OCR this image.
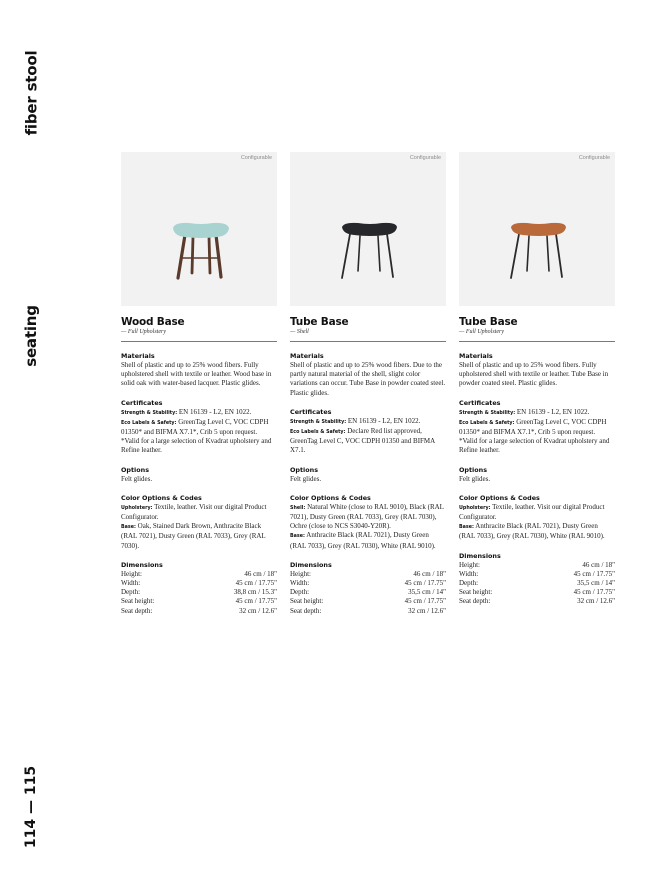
fiber stool
seating
114 — 115
Configurable
Wood Base
— Full Upholstery
Materials
Shell of plastic and up to 25% wood fibers. Fully upholstered shell with textile or leather. Wood base in solid oak with water-based lacquer. Plastic glides.
Certificates
Strength & Stability: EN 16139 - L2, EN 1022.
Eco Labels & Safety: GreenTag Level C, VOC CDPH 01350* and BIFMA X7.1*, Crib 5 upon request. *Valid for a large selection of Kvadrat upholstery and Refine leather.
Options
Felt glides.
Color Options & Codes
Upholstery: Textile, leather. Visit our digital Product Configurator.
Base: Oak, Stained Dark Brown, Anthracite Black (RAL 7021), Dusty Green (RAL 7033), Grey (RAL 7030).
Dimensions
Height:	46 cm / 18"
Width:	45 cm / 17.75"
Depth:	38,8 cm / 15.3"
Seat height:	45 cm / 17.75"
Seat depth:	32 cm / 12.6"
Configurable
Tube Base
— Shell
Materials
Shell of plastic and up to 25% wood fibers. Due to the partly natural material of the shell, slight color variations can occur. Tube Base in powder coated steel. Plastic glides.
Certificates
Strength & Stability: EN 16139 - L2, EN 1022.
Eco Labels & Safety: Declare Red list approved, GreenTag Level C, VOC CDPH 01350 and BIFMA X7.1.
Options
Felt glides.
Color Options & Codes
Shell: Natural White (close to RAL 9010), Black (RAL 7021), Dusty Green (RAL 7033), Grey (RAL 7030), Ochre (close to NCS S3040-Y20R).
Base: Anthracite Black (RAL 7021), Dusty Green (RAL 7033), Grey (RAL 7030), White (RAL 9010).
Dimensions
Height:	46 cm / 18"
Width:	45 cm / 17.75"
Depth:	35,5 cm / 14"
Seat height:	45 cm / 17.75"
Seat depth:	32 cm / 12.6"
Configurable
Tube Base
— Full Upholstery
Materials
Shell of plastic and up to 25% wood fibers. Fully upholstered shell with textile or leather. Tube Base in powder coated steel. Plastic glides.
Certificates
Strength & Stability: EN 16139 - L2, EN 1022.
Eco Labels & Safety: GreenTag Level C, VOC CDPH 01350* and BIFMA X7.1*, Crib 5 upon request. *Valid for a large selection of Kvadrat upholstery and Refine leather.
Options
Felt glides.
Color Options & Codes
Upholstery: Textile, leather. Visit our digital Product Configurator.
Base: Anthracite Black (RAL 7021), Dusty Green (RAL 7033), Grey (RAL 7030), White (RAL 9010).
Dimensions
Height:	46 cm / 18"
Width:	45 cm / 17.75"
Depth:	35,5 cm / 14"
Seat height:	45 cm / 17.75"
Seat depth:	32 cm / 12.6"
